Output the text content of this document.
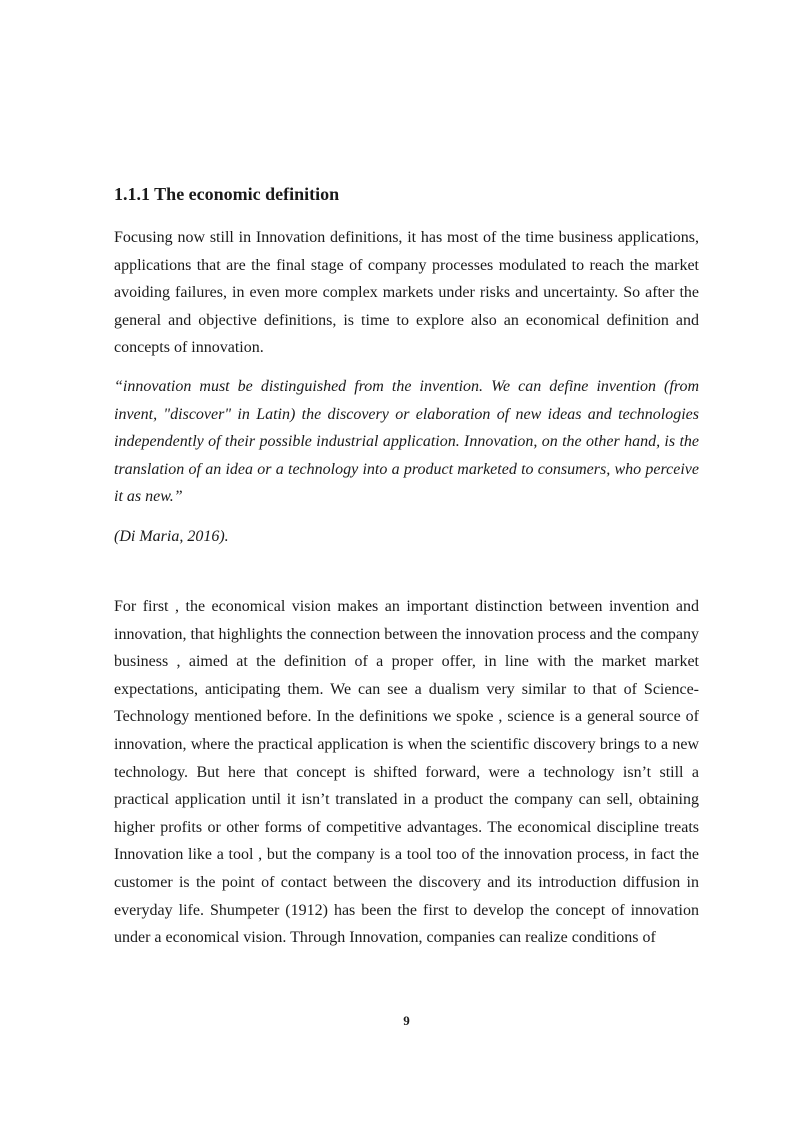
1.1.1 The economic definition

Focusing now still in Innovation definitions, it has most of the time business applications, applications that are the final stage of company processes modulated to reach the market avoiding failures, in even more complex markets under risks and uncertainty. So after the general and objective definitions, is time to explore also an economical definition and concepts of innovation.

“innovation must be distinguished from the invention. We can define invention (from invent, "discover" in Latin) the discovery or elaboration of new ideas and technologies independently of their possible industrial application. Innovation, on the other hand, is the translation of an idea or a technology into a product marketed to consumers, who perceive it as new.”

(Di Maria, 2016).

For first , the economical vision makes an important distinction between invention and innovation, that highlights the connection between the innovation process and the company business , aimed at the definition of a proper offer, in line with the market market expectations, anticipating them. We can see a dualism very similar to that of Science-Technology mentioned before. In the definitions we spoke , science is a general source of innovation, where the practical application is when the scientific discovery brings to a new technology. But here that concept is shifted forward, were a technology isn’t still a practical application until it isn’t translated in a product the company can sell, obtaining higher profits or other forms of competitive advantages. The economical discipline treats Innovation like a tool , but the company is a tool too of the innovation process, in fact the customer is the point of contact between the discovery and its introduction diffusion in everyday life. Shumpeter (1912) has been the first to develop the concept of innovation under a economical vision. Through Innovation, companies can realize conditions of

9
